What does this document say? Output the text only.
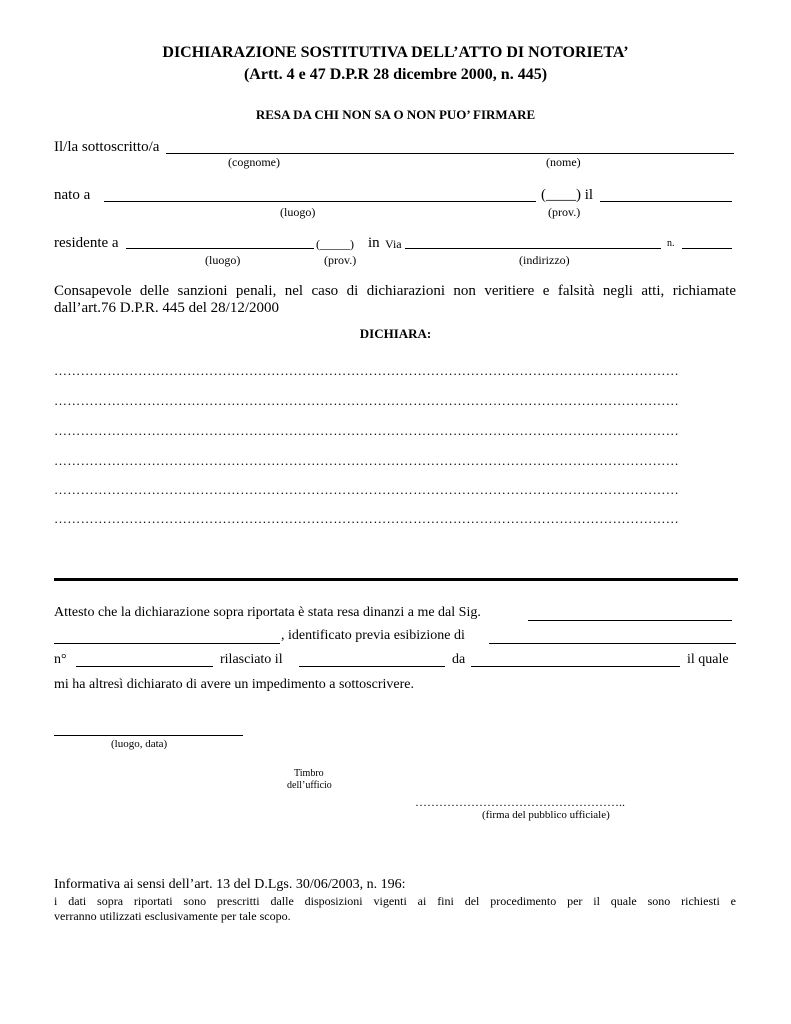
DICHIARAZIONE SOSTITUTIVA DELL’ATTO DI NOTORIETA’
(Artt. 4 e 47 D.P.R 28 dicembre 2000, n. 445)
RESA DA CHI NON SA O NON PUO’ FIRMARE
Il/la sottoscritto/a
(cognome)	(nome)
nato a	(____) il
(luogo)	(prov.)
residente a	(_____) in Via	n.
(luogo)	(prov.)	(indirizzo)
Consapevole delle sanzioni penali, nel caso di dichiarazioni non veritiere e falsità negli atti, richiamate
dall’art.76 D.P.R. 445 del 28/12/2000
DICHIARA:
……………………………………………………………………………………………………………………………
……………………………………………………………………………………………………………………………
……………………………………………………………………………………………………………………………
……………………………………………………………………………………………………………………………
……………………………………………………………………………………………………………………………
……………………………………………………………………………………………………………………………
Attesto che la dichiarazione sopra riportata è stata resa dinanzi a me dal Sig.
, identificato previa esibizione di
n°	rilasciato il	da	il quale
mi ha altresì dichiarato di avere un impedimento a sottoscrivere.
(luogo, data)
Timbro
dell’ufficio
……………………………………………..
(firma del pubblico ufficiale)
Informativa ai sensi dell’art. 13 del D.Lgs. 30/06/2003, n. 196:
i dati sopra riportati sono prescritti dalle disposizioni vigenti ai fini del procedimento per il quale sono richiesti e
verranno utilizzati esclusivamente per tale scopo.
